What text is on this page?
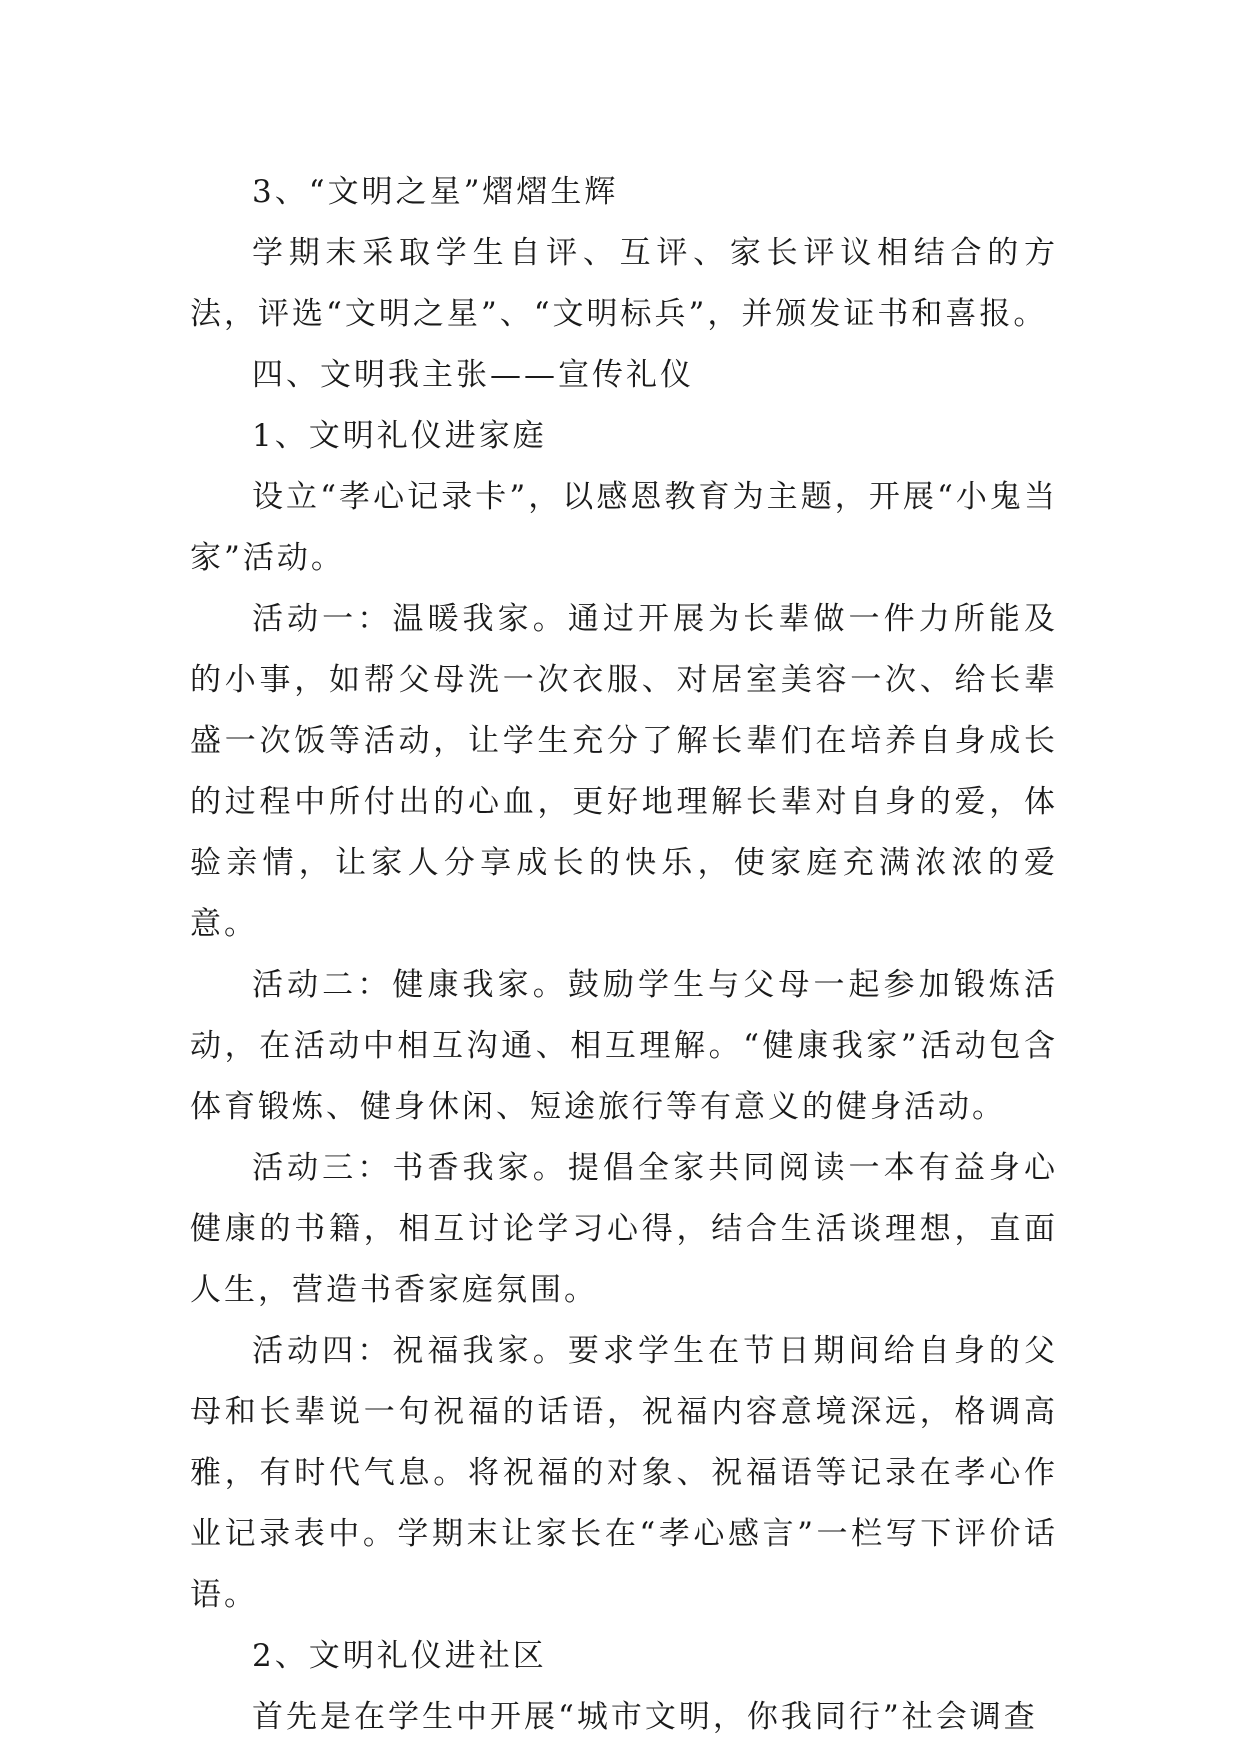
3、“文明之星”熠熠生辉

学期末采取学生自评、互评、家长评议相结合的方法，评选“文明之星”、“文明标兵”，并颁发证书和喜报。

四、文明我主张——宣传礼仪

1、文明礼仪进家庭

设立“孝心记录卡”，以感恩教育为主题，开展“小鬼当家”活动。

活动一：温暖我家。通过开展为长辈做一件力所能及的小事，如帮父母洗一次衣服、对居室美容一次、给长辈盛一次饭等活动，让学生充分了解长辈们在培养自身成长的过程中所付出的心血，更好地理解长辈对自身的爱，体验亲情，让家人分享成长的快乐，使家庭充满浓浓的爱意。

活动二：健康我家。鼓励学生与父母一起参加锻炼活动，在活动中相互沟通、相互理解。“健康我家”活动包含体育锻炼、健身休闲、短途旅行等有意义的健身活动。

活动三：书香我家。提倡全家共同阅读一本有益身心健康的书籍，相互讨论学习心得，结合生活谈理想，直面人生，营造书香家庭氛围。

活动四：祝福我家。要求学生在节日期间给自身的父母和长辈说一句祝福的话语，祝福内容意境深远，格调高雅，有时代气息。将祝福的对象、祝福语等记录在孝心作业记录表中。学期末让家长在“孝心感言”一栏写下评价话语。

2、文明礼仪进社区

首先是在学生中开展“城市文明，你我同行”社会调查
